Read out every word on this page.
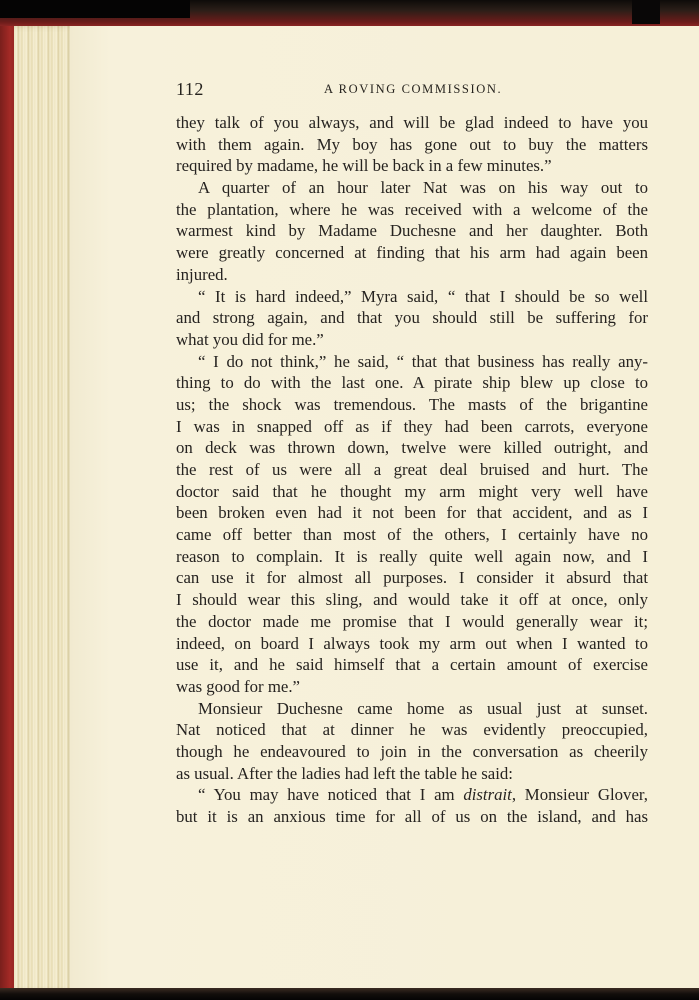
112	A ROVING COMMISSION.
they talk of you always, and will be glad indeed to have you
with them again. My boy has gone out to buy the matters
required by madame, he will be back in a few minutes.”
A quarter of an hour later Nat was on his way out to
the plantation, where he was received with a welcome of the
warmest kind by Madame Duchesne and her daughter. Both
were greatly concerned at finding that his arm had again been
injured.
“ It is hard indeed,” Myra said, “ that I should be so well
and strong again, and that you should still be suffering for
what you did for me.”
“ I do not think,” he said, “ that that business has really any-
thing to do with the last one. A pirate ship blew up close to
us; the shock was tremendous. The masts of the brigantine
I was in snapped off as if they had been carrots, everyone
on deck was thrown down, twelve were killed outright, and
the rest of us were all a great deal bruised and hurt. The
doctor said that he thought my arm might very well have
been broken even had it not been for that accident, and as I
came off better than most of the others, I certainly have no
reason to complain. It is really quite well again now, and I
can use it for almost all purposes. I consider it absurd that
I should wear this sling, and would take it off at once, only
the doctor made me promise that I would generally wear it;
indeed, on board I always took my arm out when I wanted to
use it, and he said himself that a certain amount of exercise
was good for me.”
Monsieur Duchesne came home as usual just at sunset.
Nat noticed that at dinner he was evidently preoccupied,
though he endeavoured to join in the conversation as cheerily
as usual. After the ladies had left the table he said:
“ You may have noticed that I am distrait, Monsieur Glover,
but it is an anxious time for all of us on the island, and has
